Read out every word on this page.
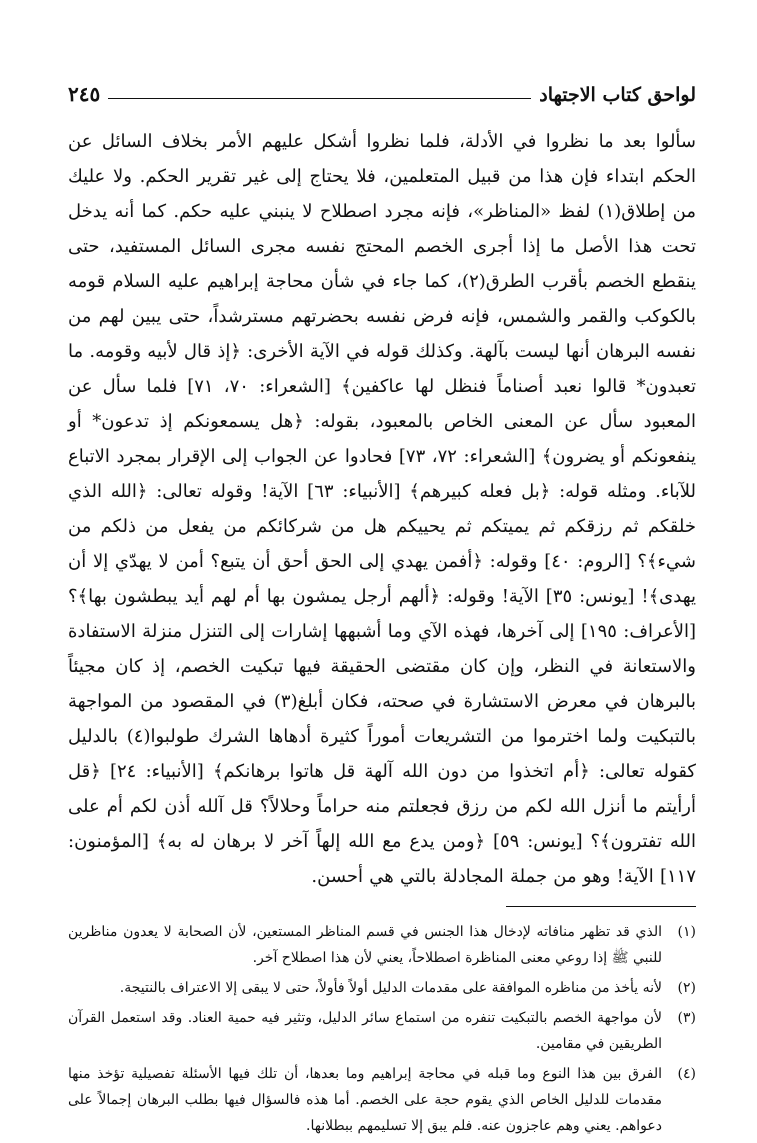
لواحق كتاب الاجتهاد
٢٤٥

سألوا بعد ما نظروا في الأدلة، فلما نظروا أشكل عليهم الأمر بخلاف السائل عن الحكم ابتداء فإن هذا من قبيل المتعلمين، فلا يحتاج إلى غير تقرير الحكم. ولا عليك من إطلاق(١) لفظ «المناظر»، فإنه مجرد اصطلاح لا ينبني عليه حكم. كما أنه يدخل تحت هذا الأصل ما إذا أجرى الخصم المحتج نفسه مجرى السائل المستفيد، حتى ينقطع الخصم بأقرب الطرق(٢)، كما جاء في شأن محاجة إبراهيم عليه السلام قومه بالكوكب والقمر والشمس، فإنه فرض نفسه بحضرتهم مسترشداً، حتى يبين لهم من نفسه البرهان أنها ليست بآلهة. وكذلك قوله في الآية الأخرى: ﴿إذ قال لأبيه وقومه. ما تعبدون* قالوا نعبد أصناماً فنظل لها عاكفين﴾ [الشعراء: ٧٠، ٧١] فلما سأل عن المعبود سأل عن المعنى الخاص بالمعبود، بقوله: ﴿هل يسمعونكم إذ تدعون* أو ينفعونكم أو يضرون﴾ [الشعراء: ٧٢، ٧٣] فحادوا عن الجواب إلى الإقرار بمجرد الاتباع للآباء. ومثله قوله: ﴿بل فعله كبيرهم﴾ [الأنبياء: ٦٣] الآية! وقوله تعالى: ﴿الله الذي خلقكم ثم رزقكم ثم يميتكم ثم يحييكم هل من شركائكم من يفعل من ذلكم من شيء﴾؟ [الروم: ٤٠] وقوله: ﴿أفمن يهدي إلى الحق أحق أن يتبع؟ أمن لا يهدّي إلا أن يهدى﴾! [يونس: ٣٥] الآية! وقوله: ﴿ألهم أرجل يمشون بها أم لهم أيد يبطشون بها﴾؟ [الأعراف: ١٩٥] إلى آخرها، فهذه الآي وما أشبهها إشارات إلى التنزل منزلة الاستفادة والاستعانة في النظر، وإن كان مقتضى الحقيقة فيها تبكيت الخصم، إذ كان مجيئاً بالبرهان في معرض الاستشارة في صحته، فكان أبلغ(٣) في المقصود من المواجهة بالتبكيت ولما اخترموا من التشريعات أموراً كثيرة أدهاها الشرك طولبوا(٤) بالدليل كقوله تعالى: ﴿أم اتخذوا من دون الله آلهة قل هاتوا برهانكم﴾ [الأنبياء: ٢٤] ﴿قل أرأيتم ما أنزل الله لكم من رزق فجعلتم منه حراماً وحلالاً؟ قل آلله أذن لكم أم على الله تفترون﴾؟ [يونس: ٥٩] ﴿ومن يدع مع الله إلهاً آخر لا برهان له به﴾ [المؤمنون: ١١٧] الآية! وهو من جملة المجادلة بالتي هي أحسن.

(١)
الذي قد تظهر منافاته لإدخال هذا الجنس في قسم المناظر المستعين، لأن الصحابة لا يعدون مناظرين للنبي ﷺ إذا روعي معنى المناظرة اصطلاحاً، يعني لأن هذا اصطلاح آخر.
(٢)
لأنه يأخذ من مناظره الموافقة على مقدمات الدليل أولاً فأولاً، حتى لا يبقى إلا الاعتراف بالنتيجة.
(٣)
لأن مواجهة الخصم بالتبكيت تنفره من استماع سائر الدليل، وتثير فيه حمية العناد. وقد استعمل القرآن الطريقين في مقامين.
(٤)
الفرق بين هذا النوع وما قبله في محاجة إبراهيم وما بعدها، أن تلك فيها الأسئلة تفصيلية تؤخذ منها مقدمات للدليل الخاص الذي يقوم حجة على الخصم. أما هذه فالسؤال فيها بطلب البرهان إجمالاً على دعواهم. يعني وهم عاجزون عنه. فلم يبق إلا تسليمهم ببطلانها.
